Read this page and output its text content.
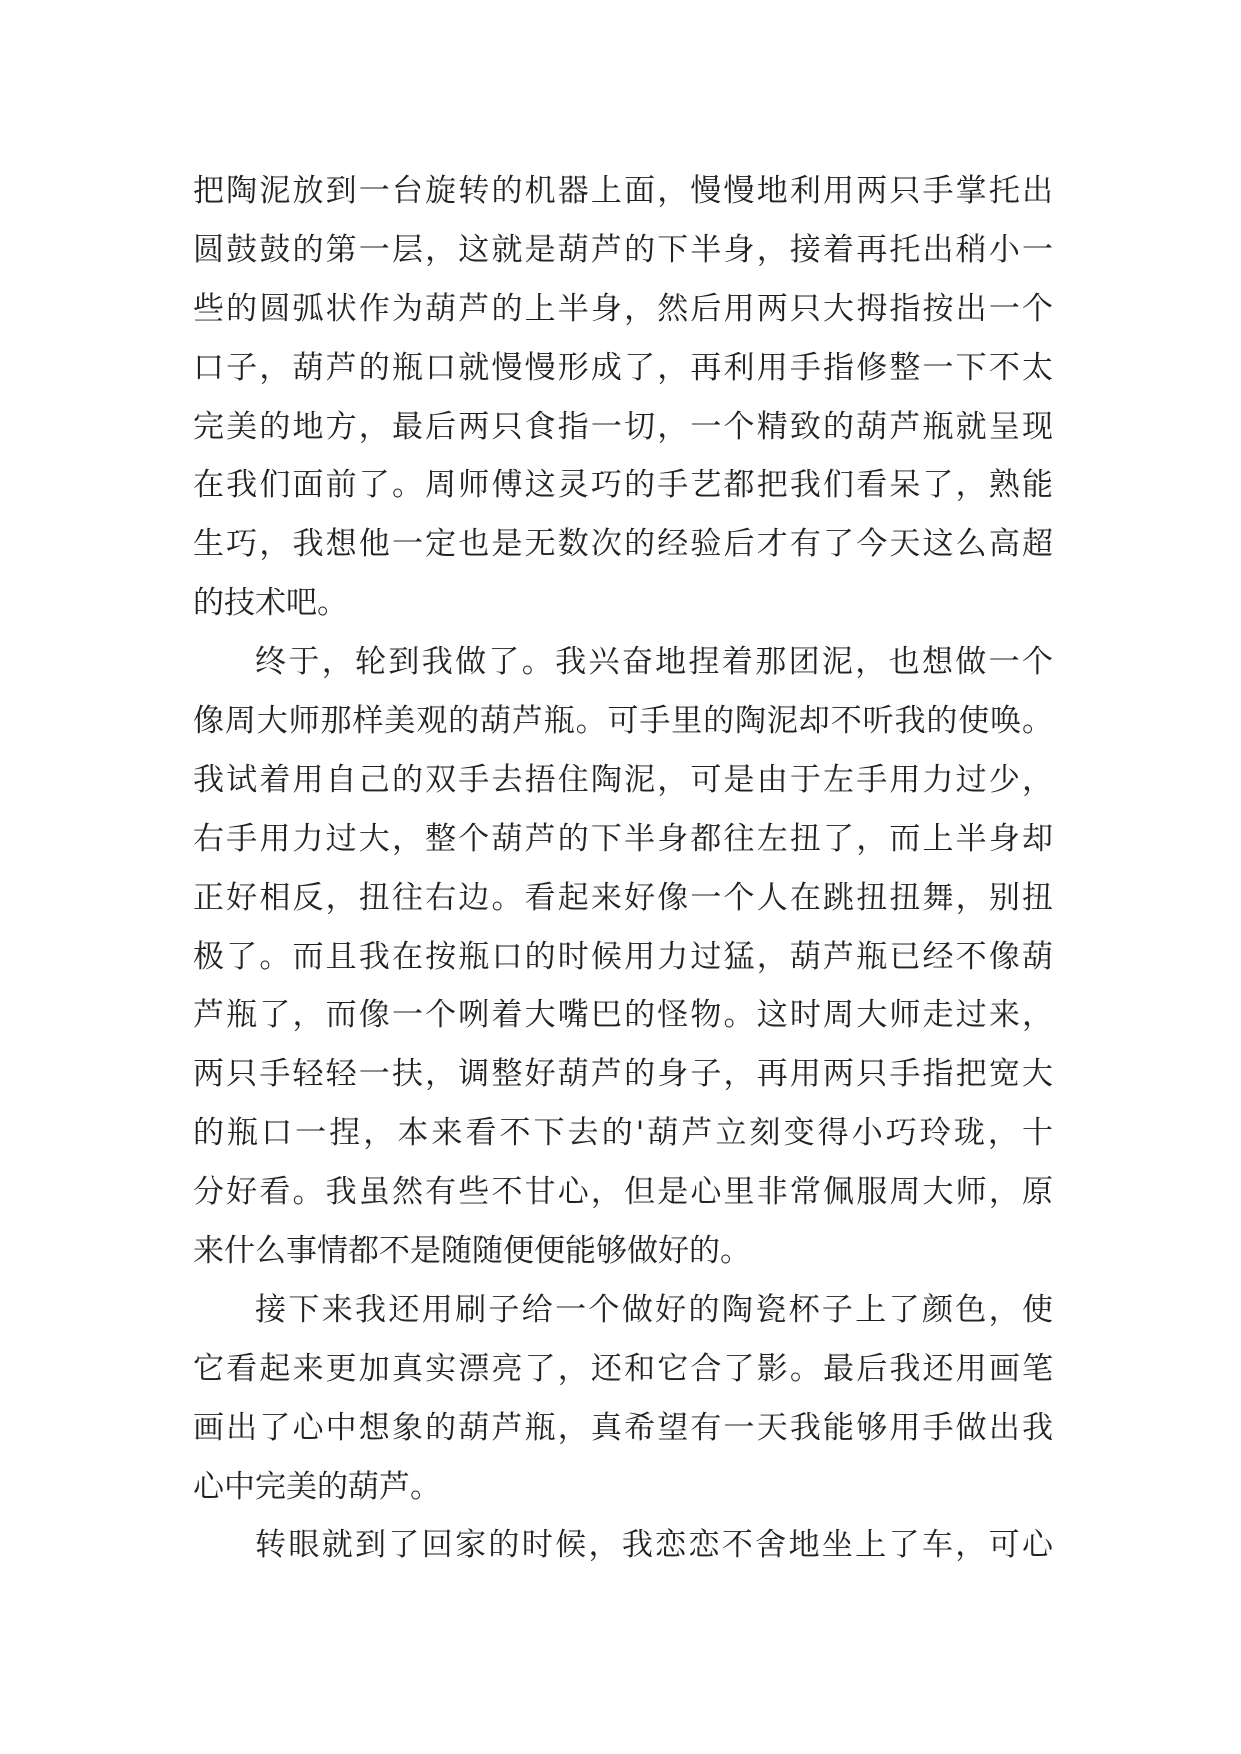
把陶泥放到一台旋转的机器上面，慢慢地利用两只手掌托出
圆鼓鼓的第一层，这就是葫芦的下半身，接着再托出稍小一
些的圆弧状作为葫芦的上半身，然后用两只大拇指按出一个
口子，葫芦的瓶口就慢慢形成了，再利用手指修整一下不太
完美的地方，最后两只食指一切，一个精致的葫芦瓶就呈现
在我们面前了。周师傅这灵巧的手艺都把我们看呆了，熟能
生巧，我想他一定也是无数次的经验后才有了今天这么高超
的技术吧。
终于，轮到我做了。我兴奋地捏着那团泥，也想做一个
像周大师那样美观的葫芦瓶。可手里的陶泥却不听我的使唤。
我试着用自己的双手去捂住陶泥，可是由于左手用力过少，
右手用力过大，整个葫芦的下半身都往左扭了，而上半身却
正好相反，扭往右边。看起来好像一个人在跳扭扭舞，别扭
极了。而且我在按瓶口的时候用力过猛，葫芦瓶已经不像葫
芦瓶了，而像一个咧着大嘴巴的怪物。这时周大师走过来，
两只手轻轻一扶，调整好葫芦的身子，再用两只手指把宽大
的瓶口一捏，本来看不下去的'葫芦立刻变得小巧玲珑，十
分好看。我虽然有些不甘心，但是心里非常佩服周大师，原
来什么事情都不是随随便便能够做好的。
接下来我还用刷子给一个做好的陶瓷杯子上了颜色，使
它看起来更加真实漂亮了，还和它合了影。最后我还用画笔
画出了心中想象的葫芦瓶，真希望有一天我能够用手做出我
心中完美的葫芦。
转眼就到了回家的时候，我恋恋不舍地坐上了车，可心
